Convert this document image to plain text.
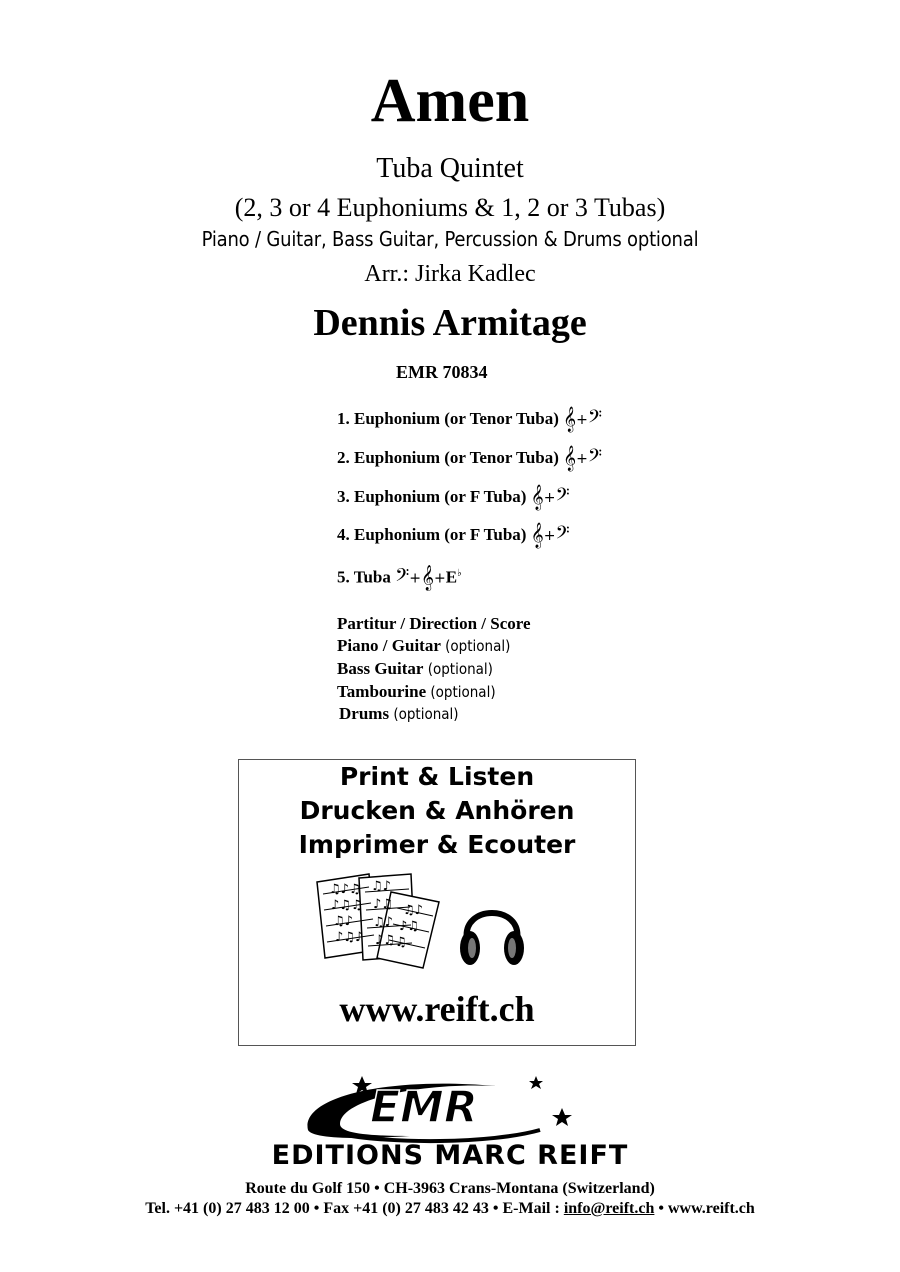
Amen
Tuba Quintet
(2, 3 or 4 Euphoniums & 1, 2 or 3 Tubas)
Piano / Guitar, Bass Guitar, Percussion & Drums optional
Arr.: Jirka Kadlec
Dennis Armitage
EMR 70834
1. Euphonium (or Tenor Tuba) 𝄞+𝄢
2. Euphonium (or Tenor Tuba) 𝄞+𝄢
3. Euphonium (or F Tuba) 𝄞+𝄢
4. Euphonium (or F Tuba) 𝄞+𝄢
5. Tuba 𝄢+𝄞+E♭
Partitur / Direction / Score
Piano / Guitar (optional)
Bass Guitar (optional)
Tambourine (optional)
Drums (optional)
Print & Listen
Drucken & Anhören
Imprimer & Ecouter
♫♪♫
♪♫♫
♫♪
♪♫♪
♫♪
♪♫
♫♪
♪♫
♫♪
♪♫
♫
www.reift.ch
EMR
EDITIONS MARC REIFT
Route du Golf 150 • CH-3963 Crans-Montana (Switzerland)
Tel. +41 (0) 27 483 12 00 • Fax +41 (0) 27 483 42 43 • E-Mail : info@reift.ch • www.reift.ch
